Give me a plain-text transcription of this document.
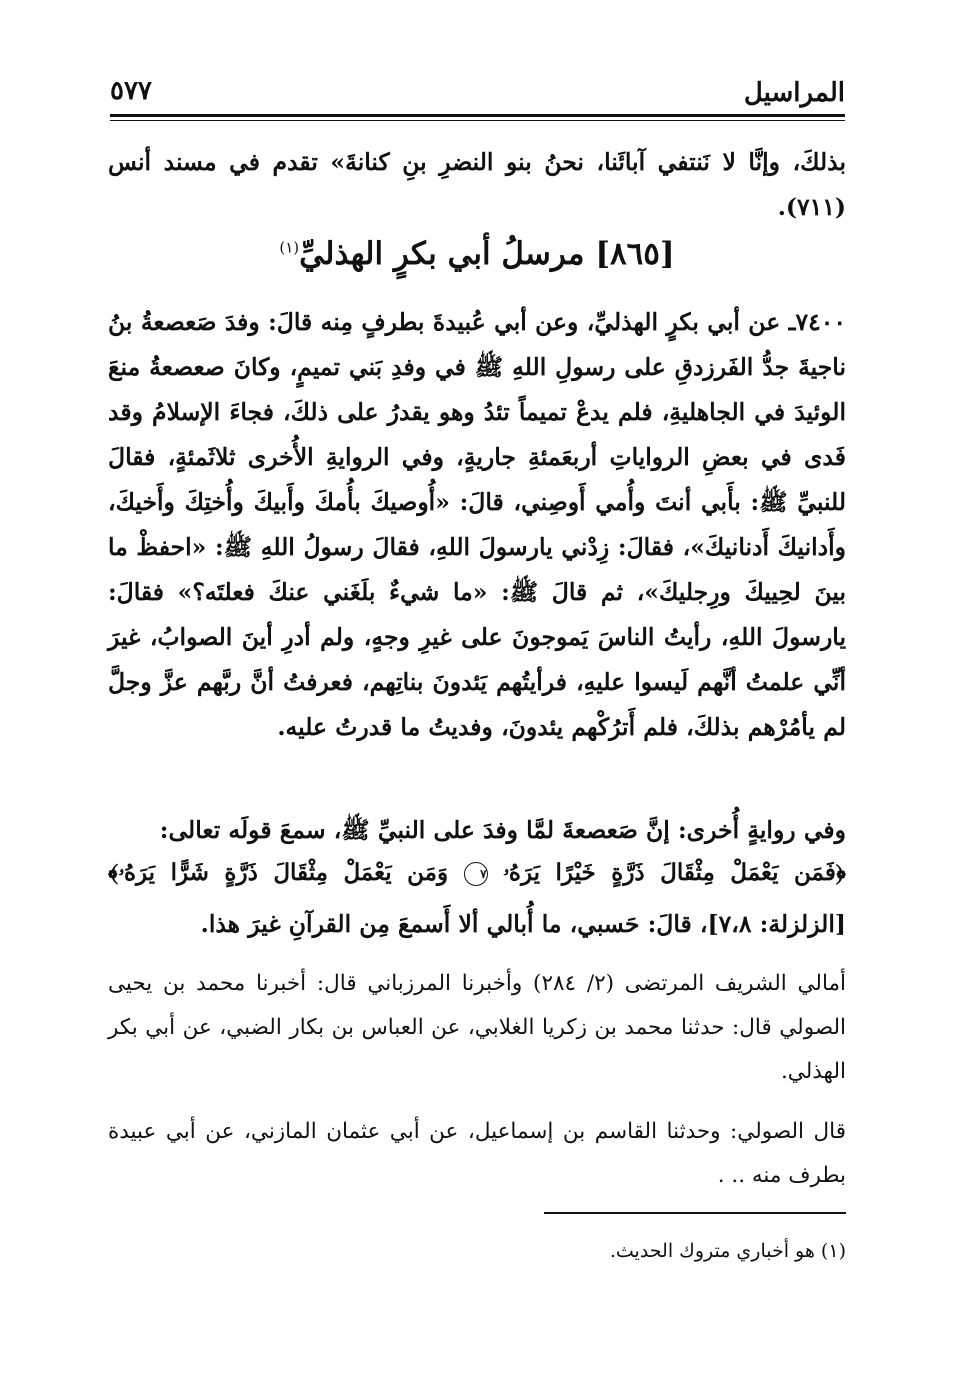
المراسيل
٥٧٧
بذلكَ، وإنَّا لا نَنتفي آبائَنا، نحنُ بنو النضرِ بنِ كنانةَ» تقدم في مسند أنس (٧١١).
[٨٦٥] مرسلُ أبي بكرٍ الهذليِّ$^{(١)}$
٧٤٠٠ـ عن أبي بكرٍ الهذليِّ، وعن أبي عُبيدةَ بطرفٍ مِنه قالَ: وفدَ صَعصعةُ بنُ ناجيةَ جدُّ الفَرزدقِ على رسولِ اللهِ ﷺ في وفدِ بَني تميمٍ، وكانَ صعصعةُ منعَ الوئيدَ في الجاهليةِ، فلم يدعْ تميماً تئدُ وهو يقدرُ على ذلكَ، فجاءَ الإسلامُ وقد فَدى في بعضِ الرواياتِ أربعَمئةِ جاريةٍ، وفي الروايةِ الأُخرى ثلاثَمئةٍ، فقالَ للنبيِّ ﷺ: بأَبي أنتَ وأُمي أَوصِني، قالَ: «أُوصيكَ بأُمكَ وأَبيكَ وأُختِكَ وأَخيكَ، وأَدانيكَ أَدنانيكَ»، فقالَ: زِدْني يارسولَ اللهِ، فقالَ رسولُ اللهِ ﷺ: «احفظْ ما بينَ لحِييكَ ورِجليكَ»، ثم قالَ ﷺ: «ما شيءٌ بلَغَني عنكَ فعلتَه؟» فقالَ: يارسولَ اللهِ، رأيتُ الناسَ يَموجونَ على غيرِ وجهٍ، ولم أدرِ أينَ الصوابُ، غيرَ أنِّي علمتُ أنَّهم لَيسوا عليهِ، فرأيتُهم يَئدونَ بناتِهم، فعرفتُ أنَّ ربَّهم عزَّ وجلَّ لم يأمُرْهم بذلكَ، فلم أَترُكْهم يئدونَ، وفديتُ ما قدرتُ عليه.
وفي روايةٍ أُخرى: إنَّ صَعصعةَ لمَّا وفدَ على النبيِّ ﷺ، سمعَ قولَه تعالى:
﴿فَمَن يَعْمَلْ مِثْقَالَ ذَرَّةٍ خَيْرًا يَرَهُۥ ٧ وَمَن يَعْمَلْ مِثْقَالَ ذَرَّةٍ شَرًّا يَرَهُۥ﴾
[الزلزلة: ٧،٨]، قالَ: حَسبي، ما أُبالي ألا أَسمعَ مِن القرآنِ غيرَ هذا.
أمالي الشريف المرتضى (٢/ ٢٨٤) وأخبرنا المرزباني قال: أخبرنا محمد بن يحيى الصولي قال: حدثنا محمد بن زكريا الغلابي، عن العباس بن بكار الضبي، عن أبي بكر الهذلي.
قال الصولي: وحدثنا القاسم بن إسماعيل، عن أبي عثمان المازني، عن أبي عبيدة بطرف منه .. .
(١) هو أخباري متروك الحديث.
